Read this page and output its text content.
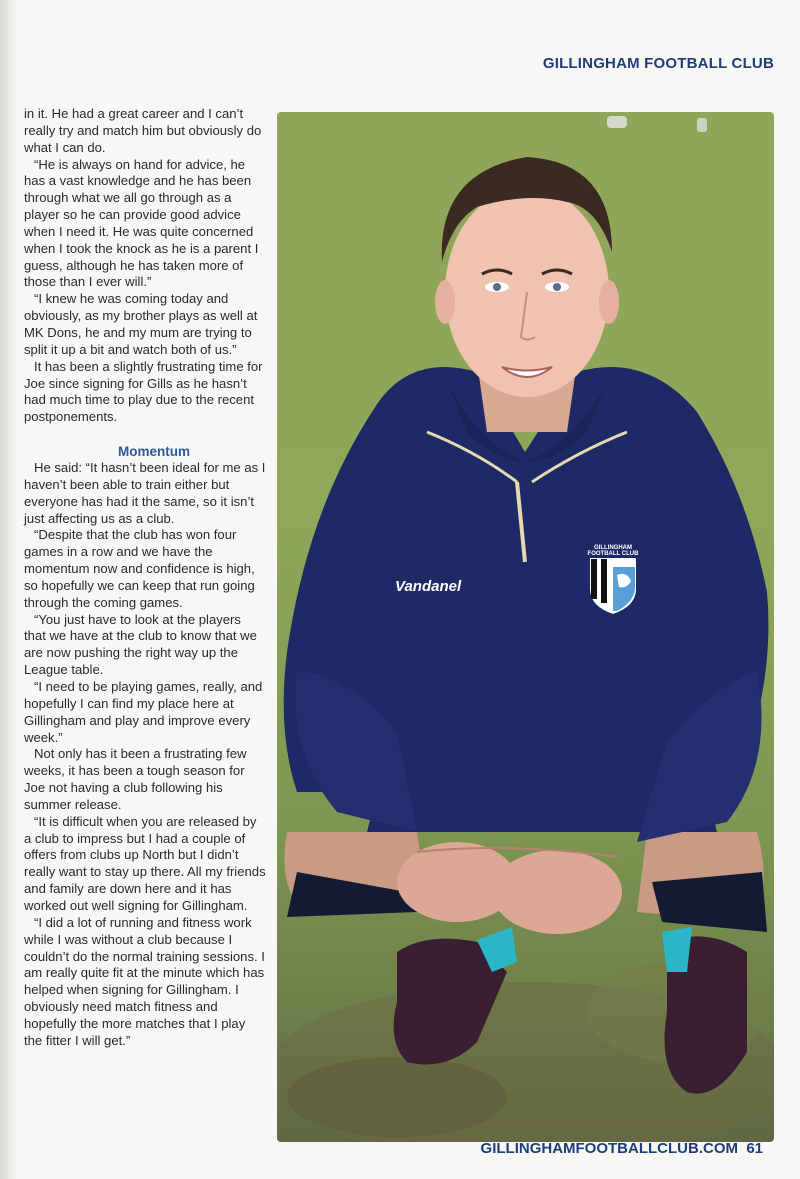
GILLINGHAM FOOTBALL CLUB

in it. He had a great career and I can’t really try and match him but obviously do what I can do.

“He is always on hand for advice, he has a vast knowledge and he has been through what we all go through as a player so he can provide good advice when I need it. He was quite concerned when I took the knock as he is a parent I guess, although he has taken more of those than I ever will.”

“I knew he was coming today and obviously, as my brother plays as well at MK Dons, he and my mum are trying to split it up a bit and watch both of us.”

It has been a slightly frustrating time for Joe since signing for Gills as he hasn’t had much time to play due to the recent postponements.

Momentum

He said: “It hasn’t been ideal for me as I haven’t been able to train either but everyone has had it the same, so it isn’t just affecting us as a club.

“Despite that the club has won four games in a row and we have the momentum now and confidence is high, so hopefully we can keep that run going through the coming games.

“You just have to look at the players that we have at the club to know that we are now pushing the right way up the League table.

“I need to be playing games, really, and hopefully I can find my place here at Gillingham and play and improve every week.”

Not only has it been a frustrating few weeks, it has been a tough season for Joe not having a club following his summer release.

“It is difficult when you are released by a club to impress but I had a couple of offers from clubs up North but I didn’t really want to stay up there. All my friends and family are down here and it has worked out well signing for Gillingham.

“I did a lot of running and fitness work while I was without a club because I couldn’t do the normal training sessions. I am really quite fit at the minute which has helped when signing for Gillingham. I obviously need match fitness and hopefully the more matches that I play the fitter I will get.”

Vandanel
GILLINGHAM FOOTBALL CLUB
GILLINGHAMFOOTBALLCLUB.COM 61
